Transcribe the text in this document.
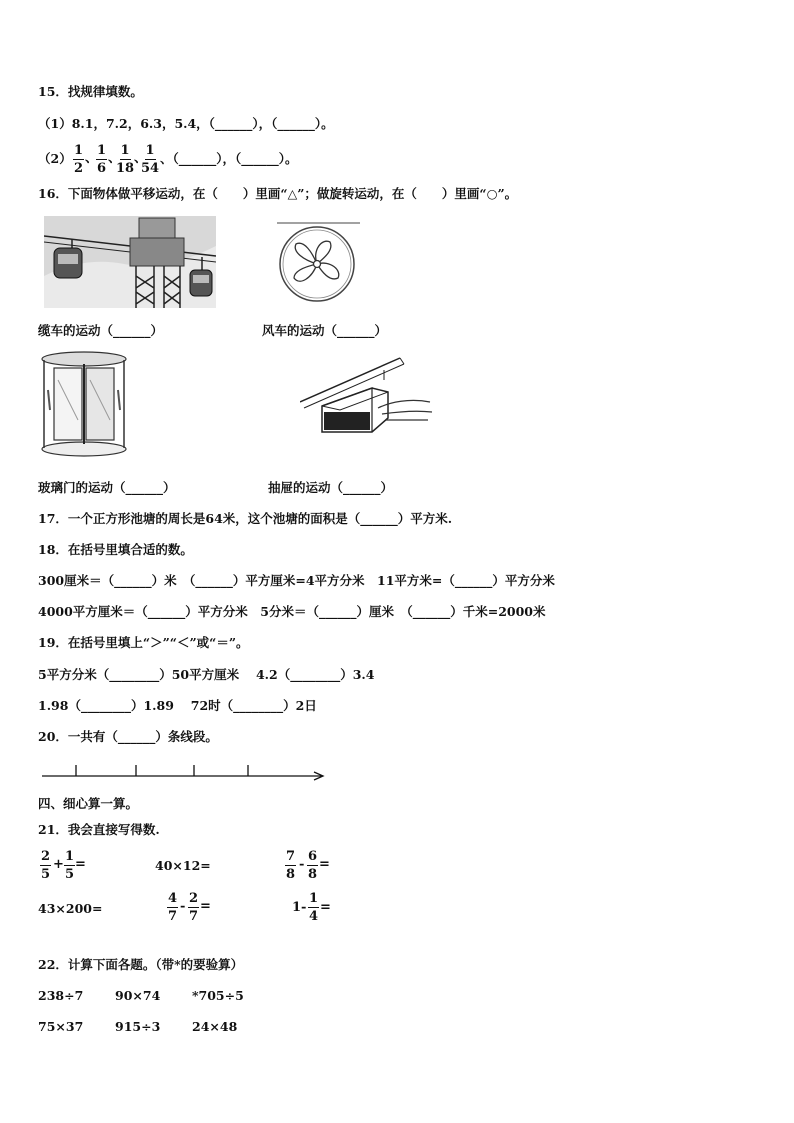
15．找规律填数。
（1）8.1，7.2，6.3，5.4，（______），（______）。
$(2) \frac{1}{2}$ 、
$\frac{1}{6}$ 、
$\frac{1}{18}$ 、
$\frac{1}{54}$ 、（______），（______）。
16．下面物体做平移运动，在（　　）里画“△”；做旋转运动，在（　　）里画“○”。
缆车的运动（______）	风车的运动（______）
玻璃门的运动（______）	抽屉的运动（______）
17．一个正方形池塘的周长是64米，这个池塘的面积是（______）平方米.
18．在括号里填合适的数。
300厘米＝（______）米　（______）平方厘米=4平方分米　11平方米=（______）平方分米
4000平方厘米＝（______）平方分米　5分米＝（______）厘米　（______）千米=2000米
19．在括号里填上“＞”“＜”或“＝”。
5平方分米（________）50平方厘米　 4.2（________）3.4
1.98（________）1.89　 72时（________）2日
20．一共有（______）条线段。
四、细心算一算。
21．我会直接写得数.
$\frac{2}{5} + \frac{1}{5}$ =	40×12=	$\frac{7}{8} - \frac{6}{8}$ =
43×200=	$\frac{4}{7} - \frac{2}{7}$ =	$1- \frac{1}{4}$ =
22．计算下面各题。（带*的要验算）
238÷7	90×74	*705÷5
75×37	915÷3	24×48
